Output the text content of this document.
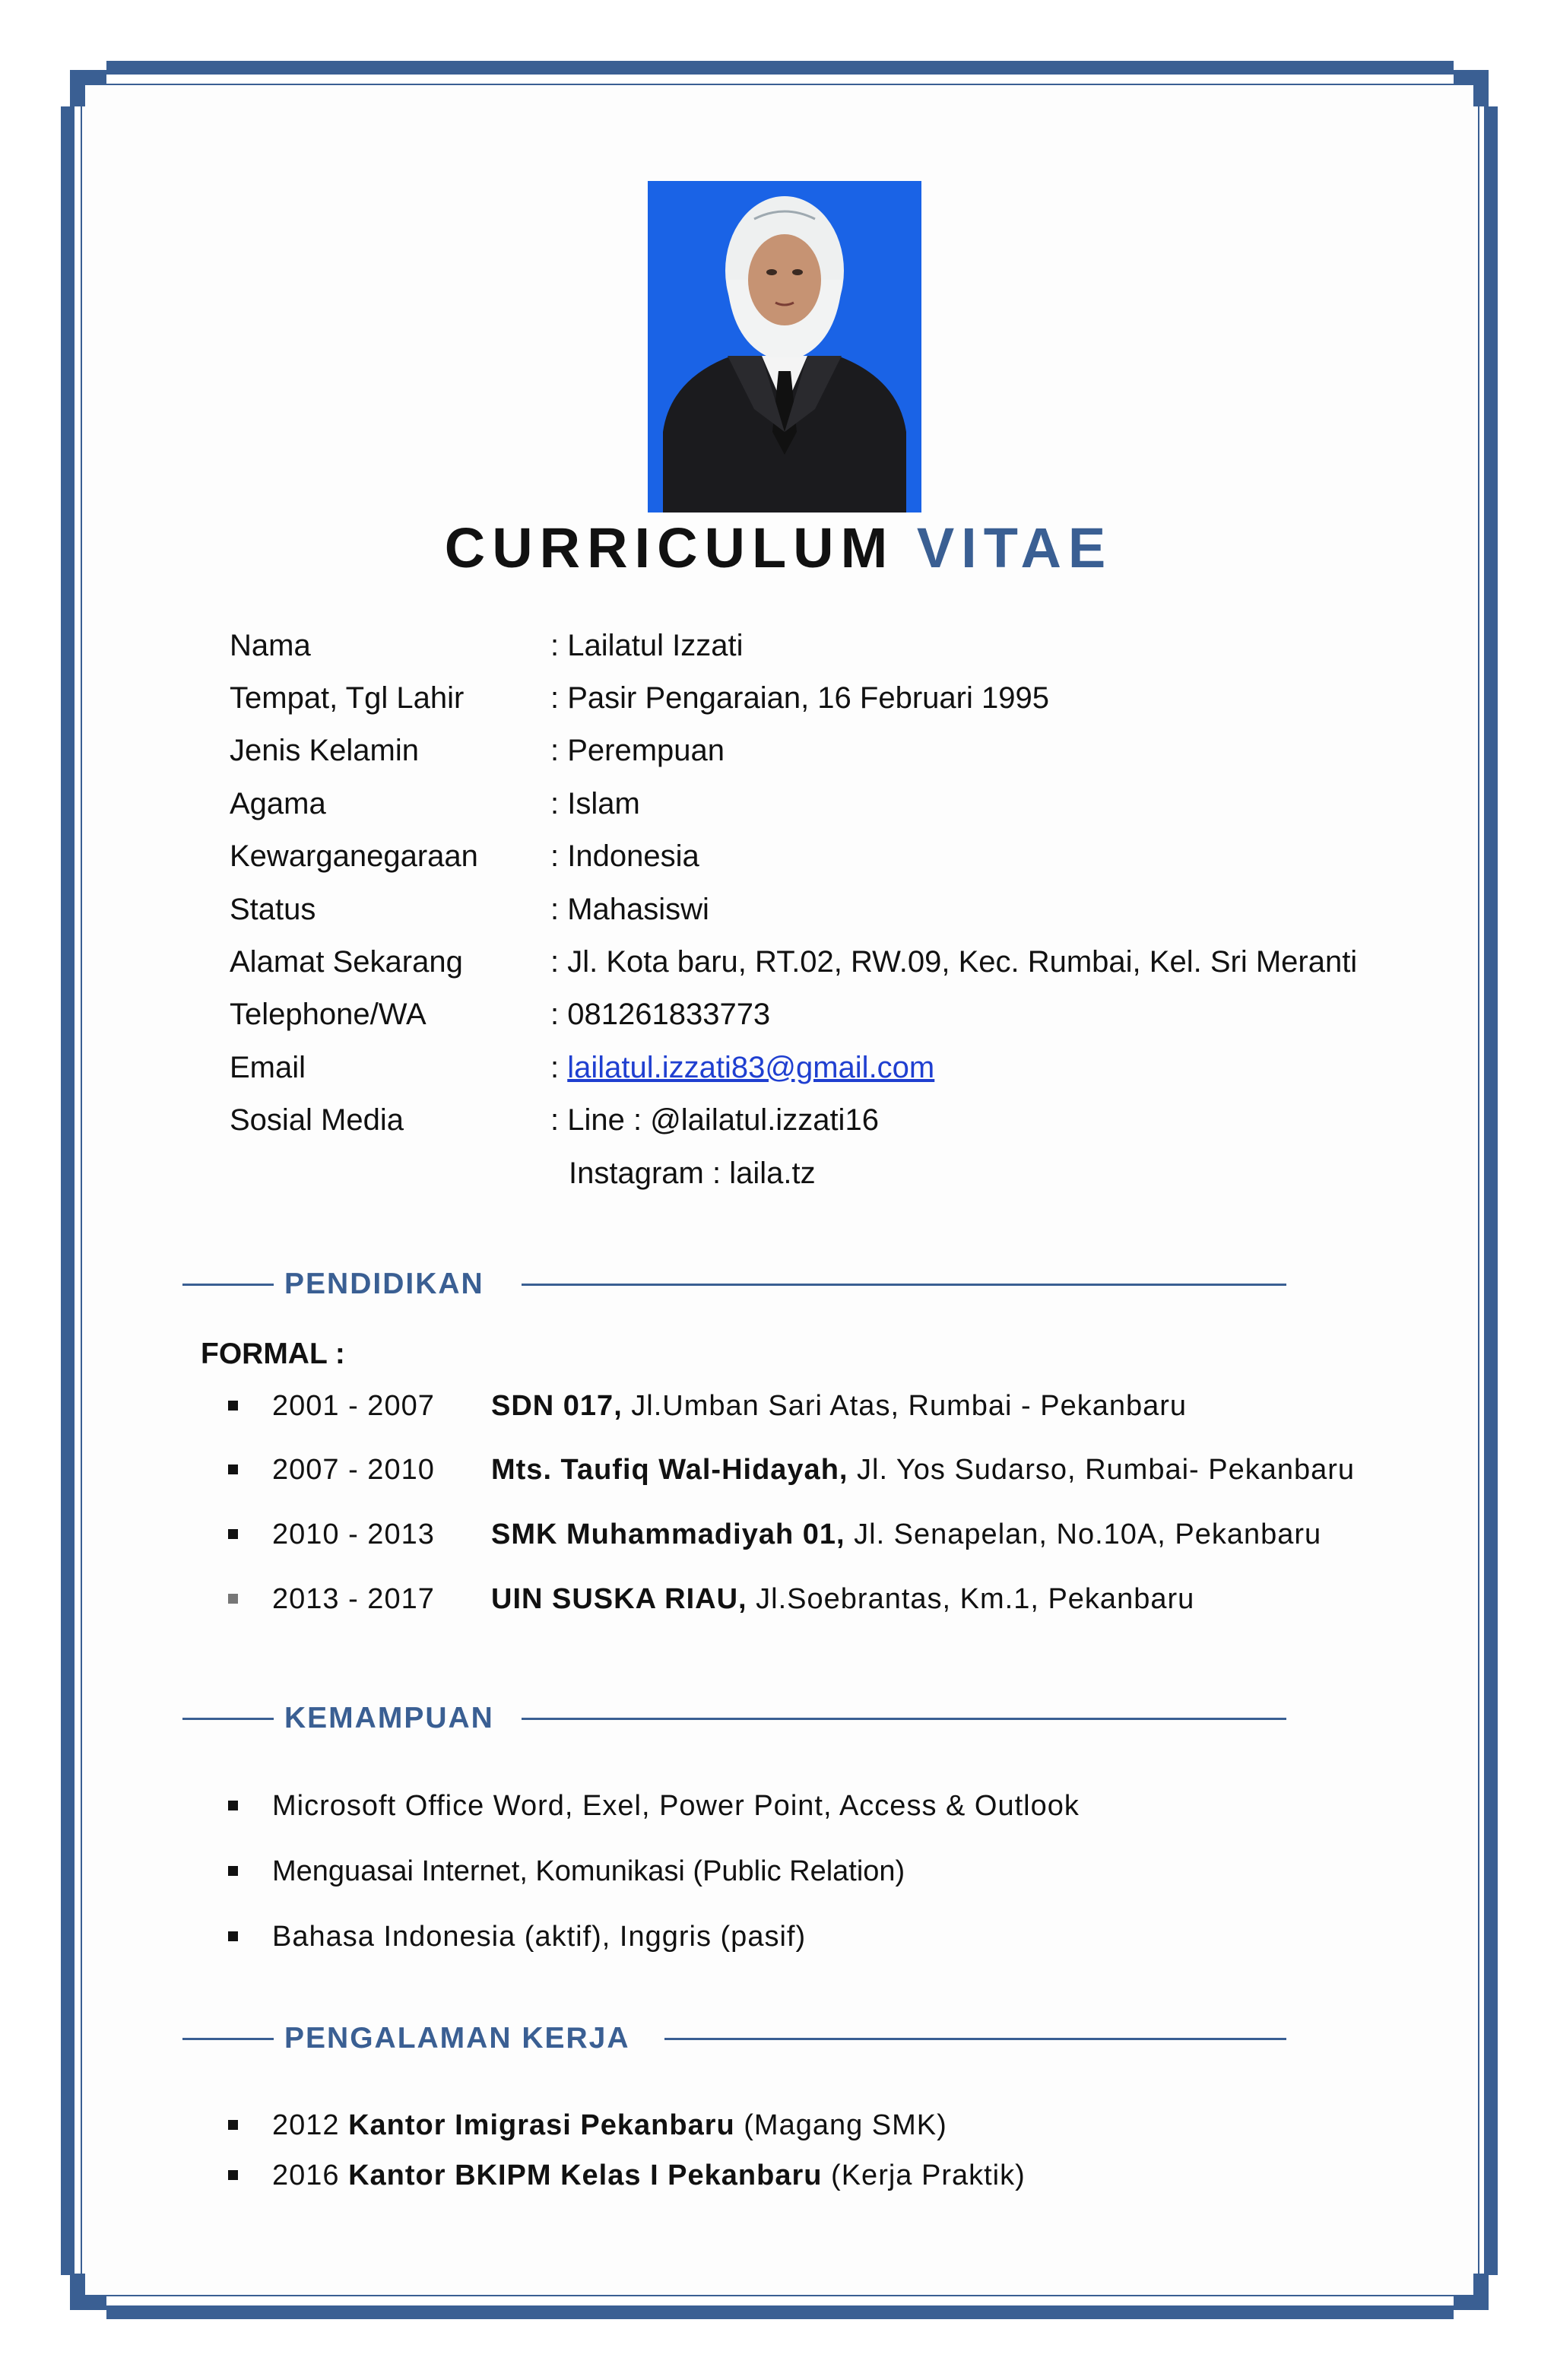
CURRICULUM VITAE
Nama	: Lailatul Izzati
Tempat, Tgl Lahir	: Pasir Pengaraian, 16 Februari 1995
Jenis Kelamin	: Perempuan
Agama	: Islam
Kewarganegaraan : Indonesia
Status	: Mahasiswi
Alamat Sekarang	: Jl. Kota baru, RT.02, RW.09, Kec. Rumbai, Kel. Sri Meranti
Telephone/WA	: 081261833773
Email	: lailatul.izzati83@gmail.com
Sosial Media	: Line : @lailatul.izzati16
Instagram : laila.tz
PENDIDIKAN
FORMAL :
2001 - 2007 SDN 017, Jl.Umban Sari Atas, Rumbai - Pekanbaru
2007 - 2010 Mts. Taufiq Wal-Hidayah, Jl. Yos Sudarso, Rumbai- Pekanbaru
2010 - 2013 SMK Muhammadiyah 01, Jl. Senapelan, No.10A, Pekanbaru
2013 - 2017 UIN SUSKA RIAU, Jl.Soebrantas, Km.1, Pekanbaru
KEMAMPUAN
Microsoft Office Word, Exel, Power Point, Access & Outlook
Menguasai Internet, Komunikasi (Public Relation)
Bahasa Indonesia (aktif), Inggris (pasif)
PENGALAMAN KERJA
2012 Kantor Imigrasi Pekanbaru (Magang SMK)
2016 Kantor BKIPM Kelas I Pekanbaru (Kerja Praktik)
